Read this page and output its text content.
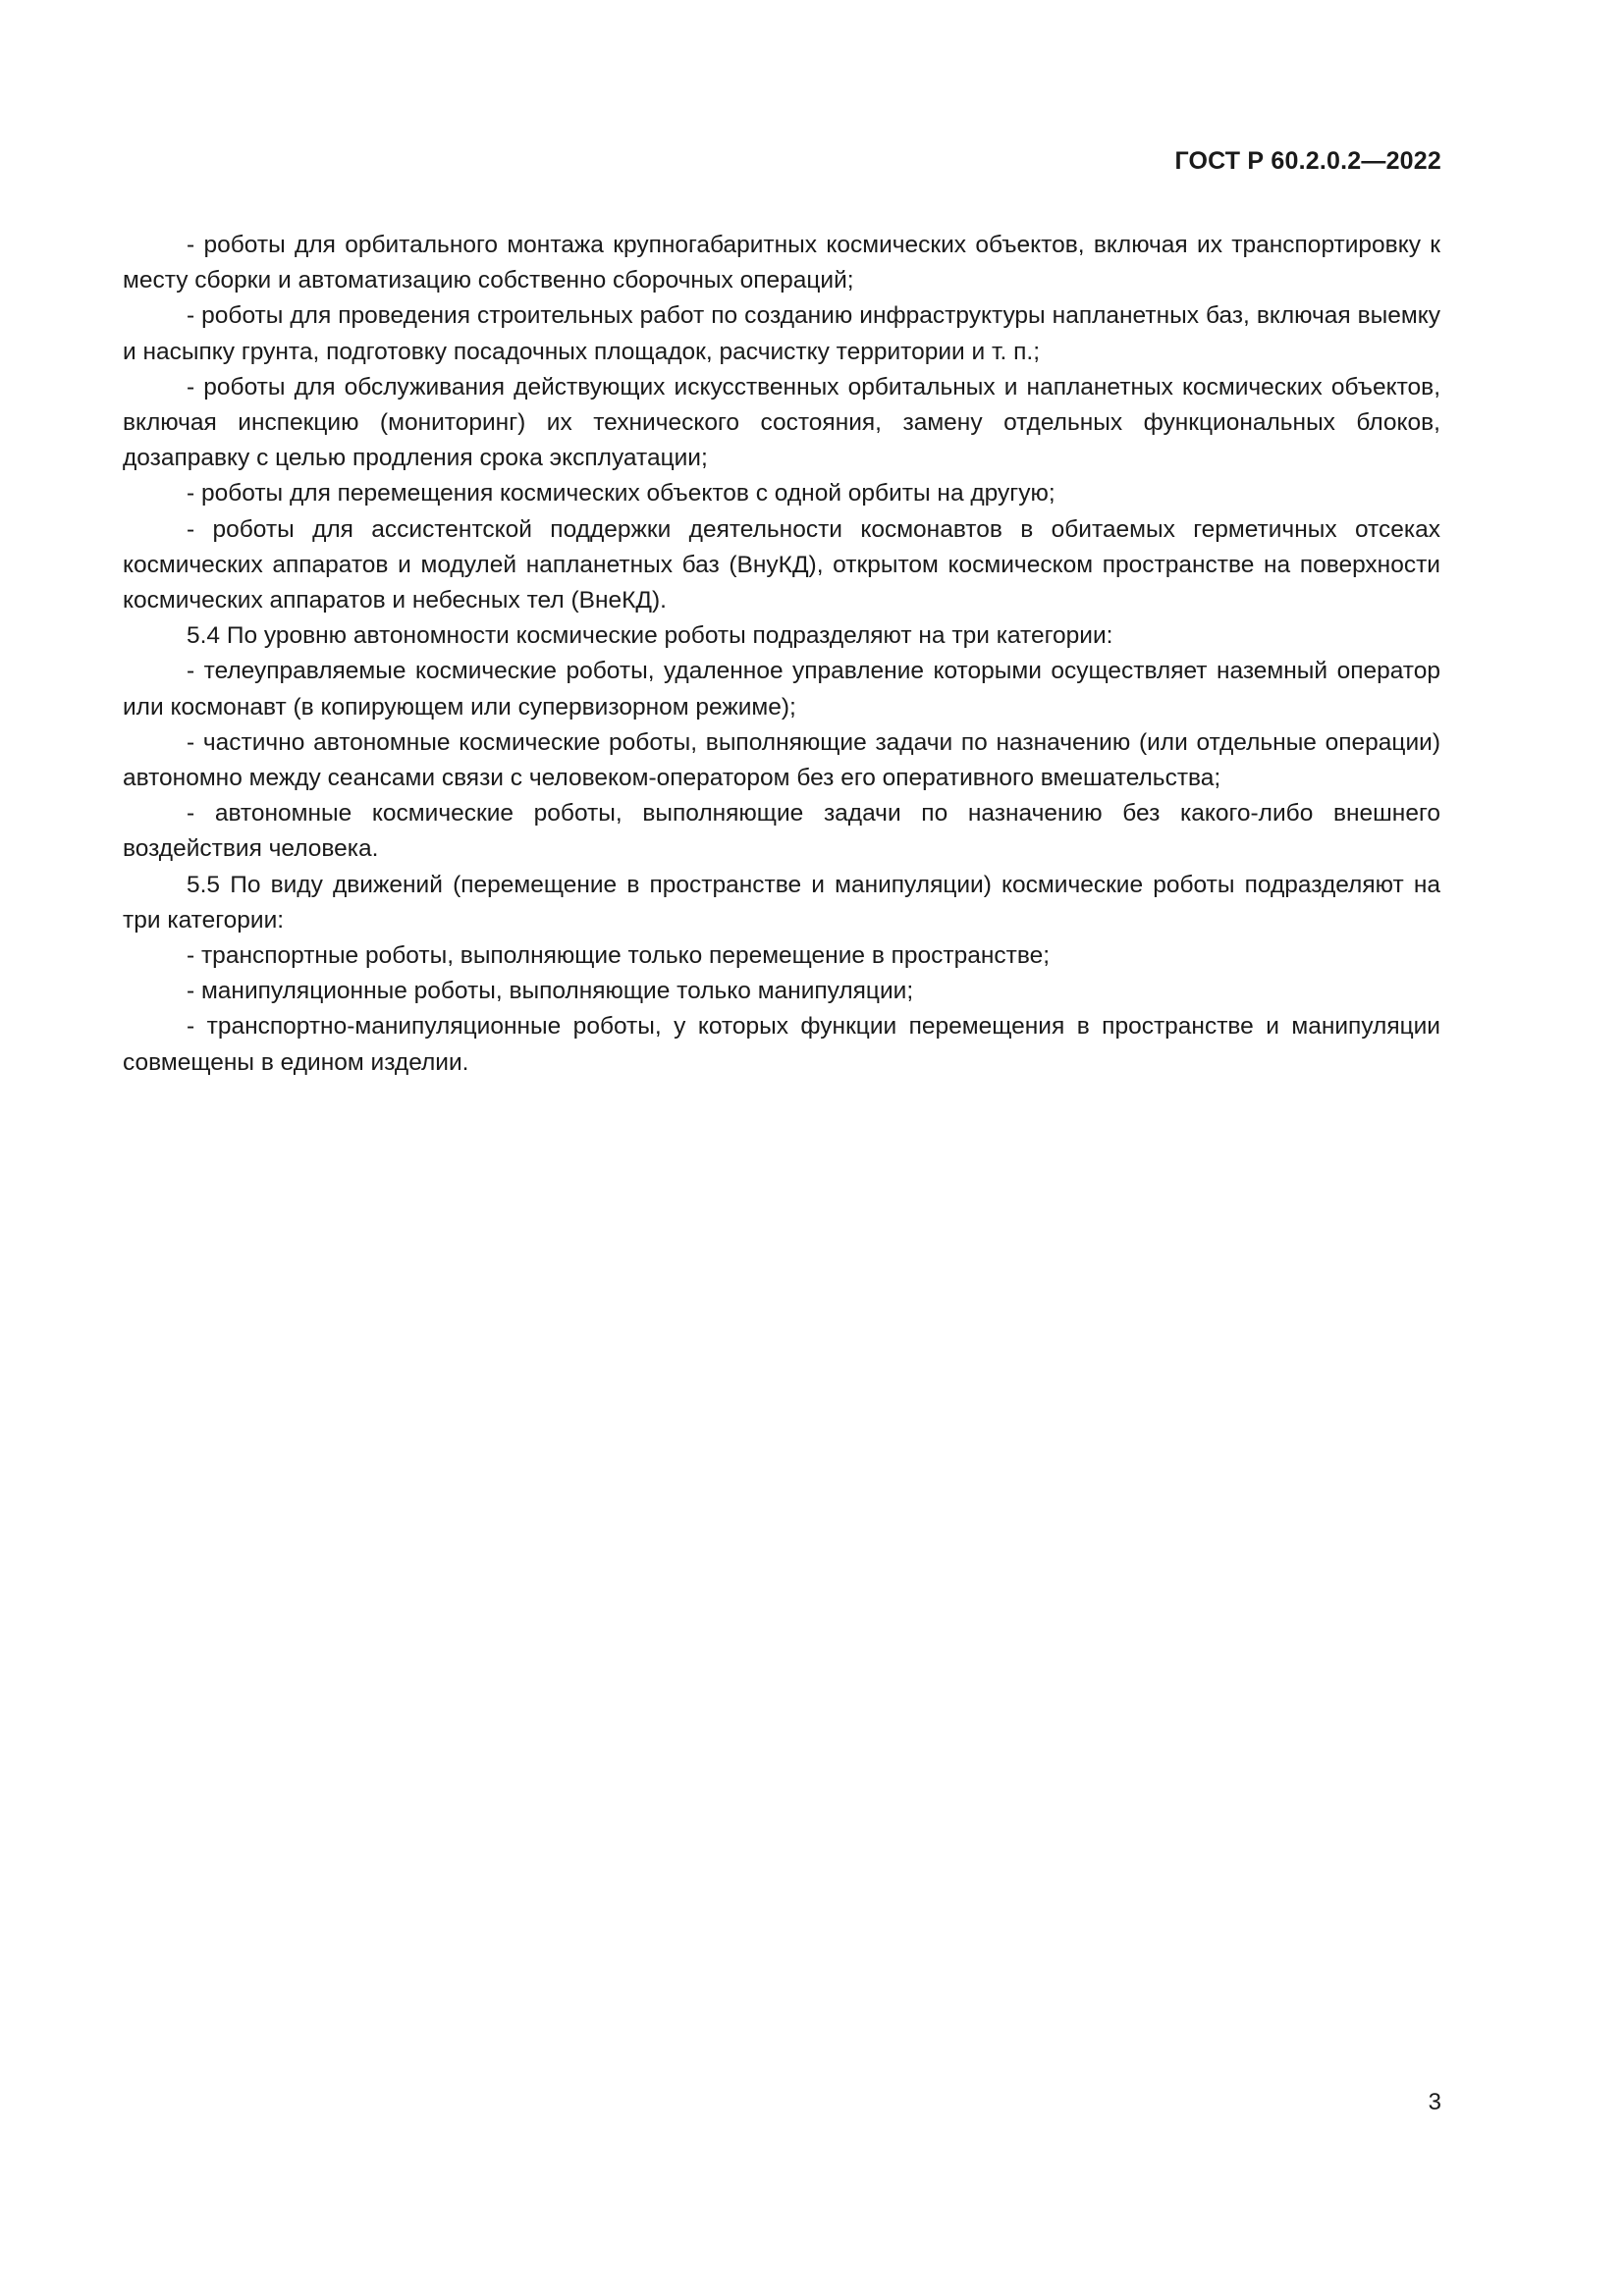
ГОСТ Р 60.2.0.2—2022

- роботы для орбитального монтажа крупногабаритных космических объектов, включая их транспортировку к месту сборки и автоматизацию собственно сборочных операций;

- роботы для проведения строительных работ по созданию инфраструктуры напланетных баз, включая выемку и насыпку грунта, подготовку посадочных площадок, расчистку территории и т. п.;

- роботы для обслуживания действующих искусственных орбитальных и напланетных космических объектов, включая инспекцию (мониторинг) их технического состояния, замену отдельных функциональных блоков, дозаправку с целью продления срока эксплуатации;

- роботы для перемещения космических объектов с одной орбиты на другую;

- роботы для ассистентской поддержки деятельности космонавтов в обитаемых герметичных отсеках космических аппаратов и модулей напланетных баз (ВнуКД), открытом космическом пространстве на поверхности космических аппаратов и небесных тел (ВнеКД).

5.4 По уровню автономности космические роботы подразделяют на три категории:

- телеуправляемые космические роботы, удаленное управление которыми осуществляет наземный оператор или космонавт (в копирующем или супервизорном режиме);

- частично автономные космические роботы, выполняющие задачи по назначению (или отдельные операции) автономно между сеансами связи с человеком-оператором без его оперативного вмешательства;

- автономные космические роботы, выполняющие задачи по назначению без какого-либо внешнего воздействия человека.

5.5 По виду движений (перемещение в пространстве и манипуляции) космические роботы подразделяют на три категории:

- транспортные роботы, выполняющие только перемещение в пространстве;

- манипуляционные роботы, выполняющие только манипуляции;

- транспортно-манипуляционные роботы, у которых функции перемещения в пространстве и манипуляции совмещены в едином изделии.

3
